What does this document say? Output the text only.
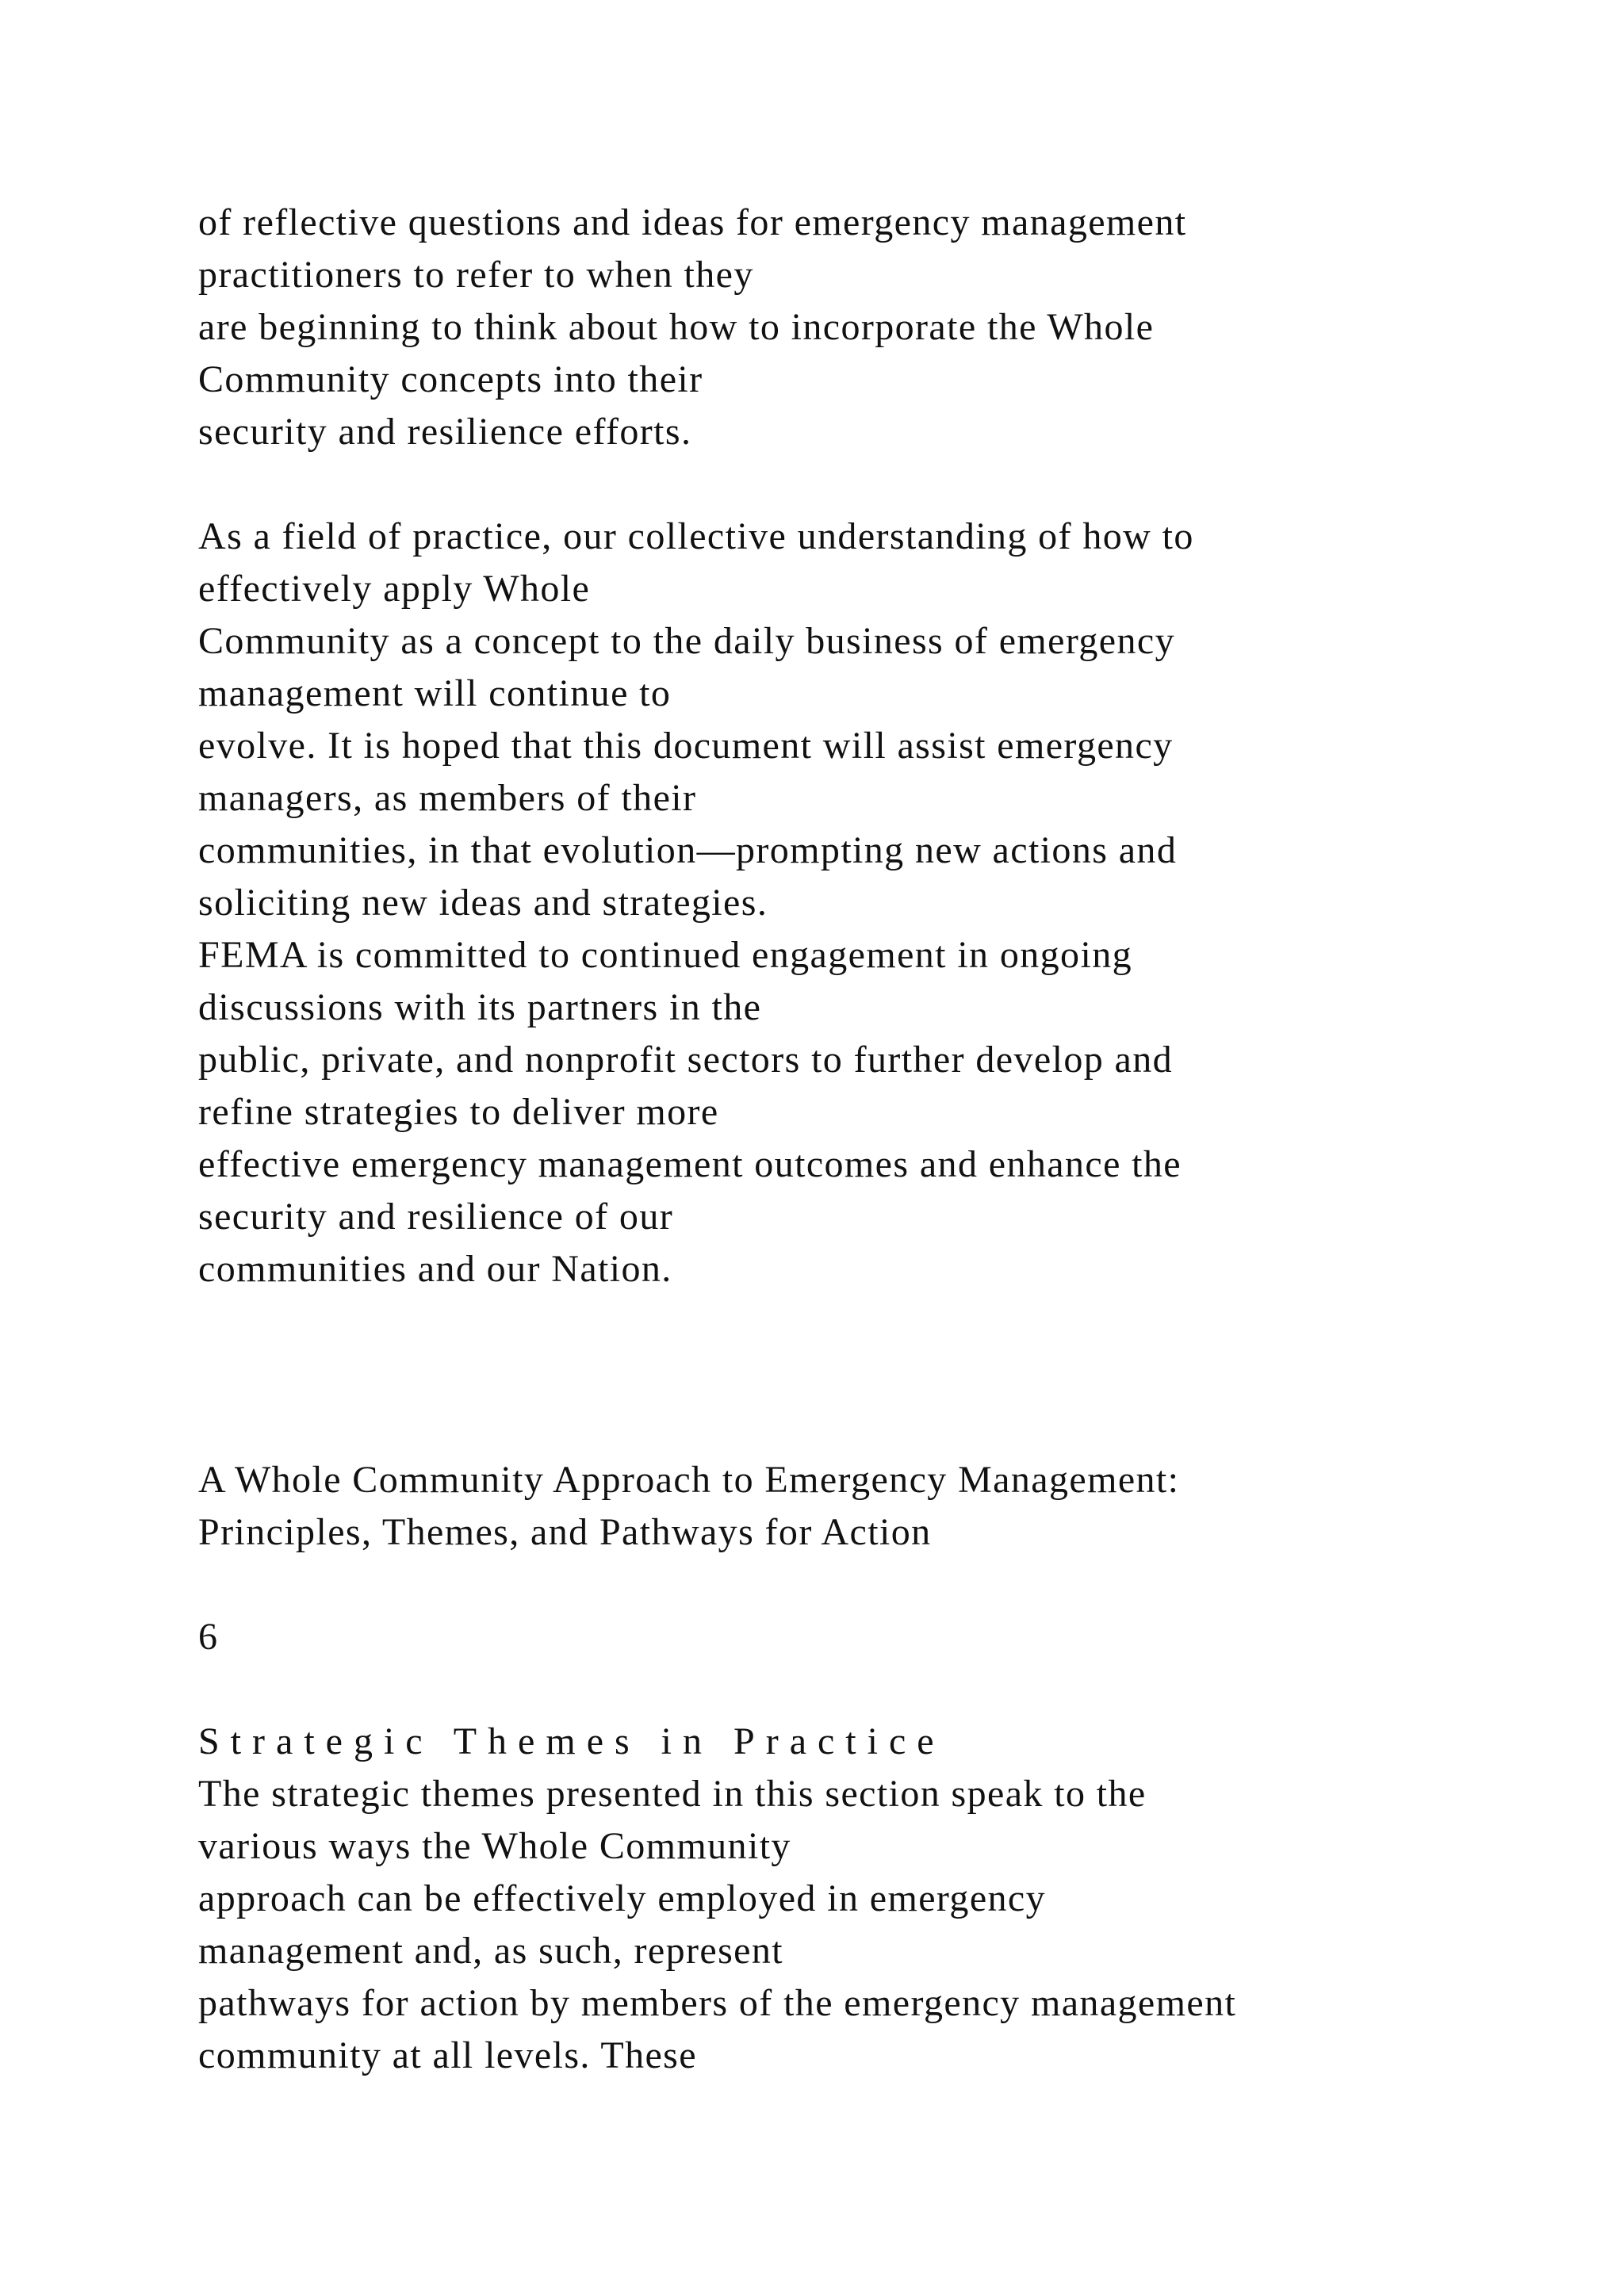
of reflective questions and ideas for emergency management
practitioners to refer to when they
are beginning to think about how to incorporate the Whole
Community concepts into their
security and resilience efforts.
As a field of practice, our collective understanding of how to
effectively apply Whole
Community as a concept to the daily business of emergency
management will continue to
evolve. It is hoped that this document will assist emergency
managers, as members of their
communities, in that evolution—prompting new actions and
soliciting new ideas and strategies.
FEMA is committed to continued engagement in ongoing
discussions with its partners in the
public, private, and nonprofit sectors to further develop and
refine strategies to deliver more
effective emergency management outcomes and enhance the
security and resilience of our
communities and our Nation.
A Whole Community Approach to Emergency Management:
Principles, Themes, and Pathways for Action
6
Strategic Themes in Practice
The strategic themes presented in this section speak to the
various ways the Whole Community
approach can be effectively employed in emergency
management and, as such, represent
pathways for action by members of the emergency management
community at all levels. These
